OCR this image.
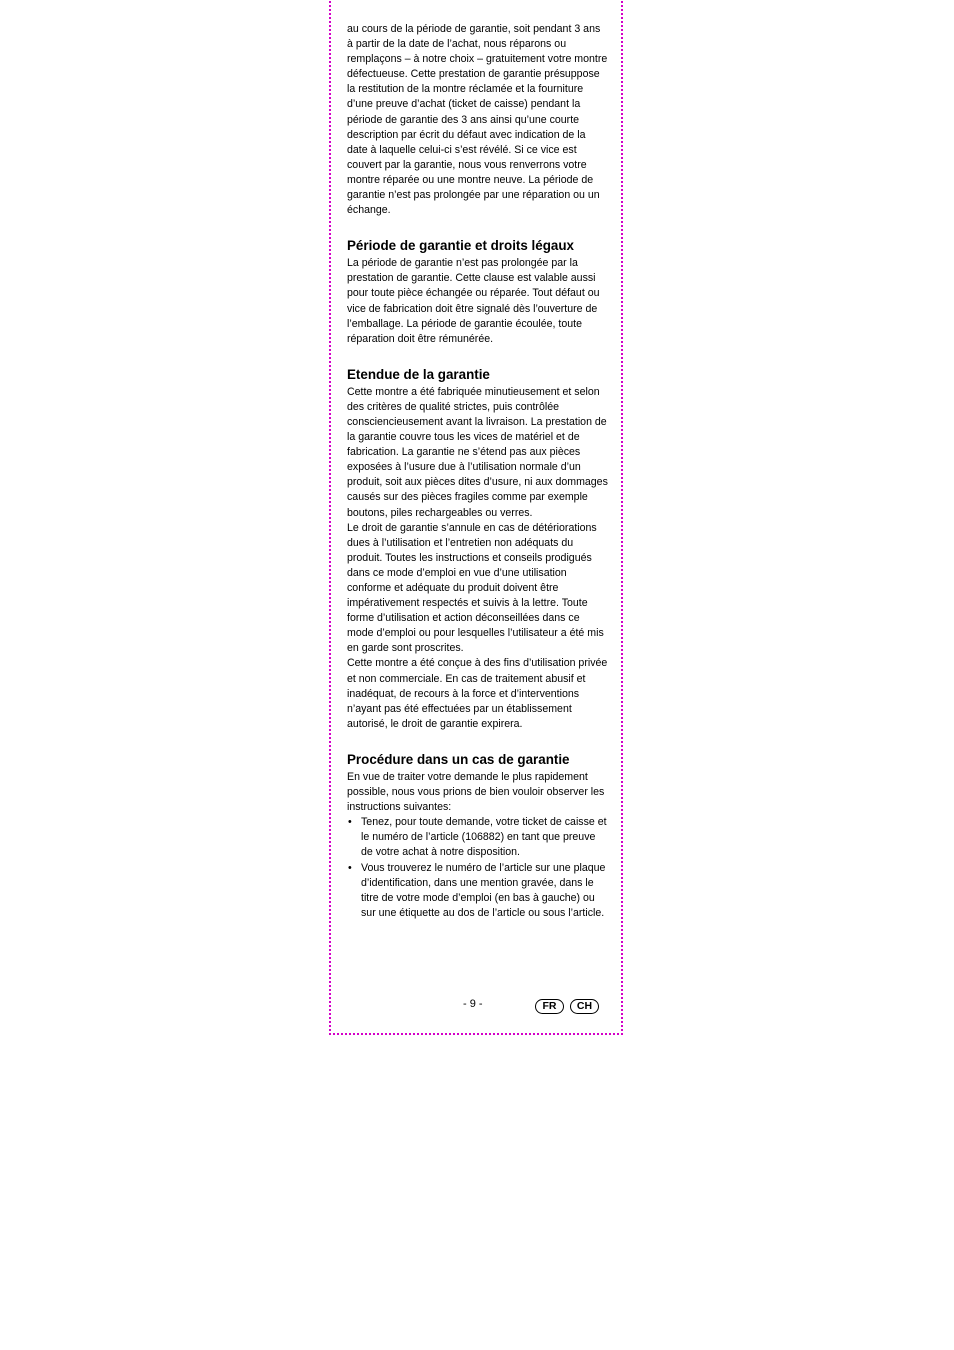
au cours de la période de garantie, soit pendant 3 ans à partir de la date de l’achat, nous réparons ou remplaçons – à notre choix – gratuitement votre montre défectueuse. Cette prestation de garantie présuppose la restitution de la montre réclamée et la fourniture d’une preuve d’achat (ticket de caisse) pendant la période de garantie des 3 ans ainsi qu’une courte description par écrit du défaut avec indication de la date à laquelle celui-ci s’est révélé. Si ce vice est couvert par la garantie, nous vous renverrons votre montre réparée ou une montre neuve. La période de garantie n’est pas prolongée par une réparation ou un échange.

Période de garantie et droits légaux

La période de garantie n’est pas prolongée par la prestation de garantie. Cette clause est valable aussi pour toute pièce échangée ou réparée. Tout défaut ou vice de fabrication doit être signalé dès l’ouverture de l’emballage. La période de garantie écoulée, toute réparation doit être rémunérée.

Etendue de la garantie

Cette montre a été fabriquée minutieusement et selon des critères de qualité strictes, puis contrôlée consciencieusement avant la livraison. La prestation de la garantie couvre tous les vices de matériel et de fabrication. La garantie ne s’étend pas aux pièces exposées à l’usure due à l’utilisation normale d’un produit, soit aux pièces dites d’usure, ni aux dommages causés sur des pièces fragiles comme par exemple boutons, piles rechargeables ou verres.

Le droit de garantie s’annule en cas de détériorations dues à l’utilisation et l’entretien non adéquats du produit. Toutes les instructions et conseils prodigués dans ce mode d’emploi en vue d’une utilisation conforme et adéquate du produit doivent être impérativement respectés et suivis à la lettre. Toute forme d’utilisation et action déconseillées dans ce mode d’emploi ou pour lesquelles l’utilisateur a été mis en garde sont proscrites.

Cette montre a été conçue à des fins d’utilisation privée et non commerciale. En cas de traitement abusif et inadéquat, de recours à la force et d’interventions n’ayant pas été effectuées par un établissement autorisé, le droit de garantie expirera.

Procédure dans un cas de garantie

En vue de traiter votre demande le plus rapidement possible, nous vous prions de bien vouloir observer les instructions suivantes:

• Tenez, pour toute demande, votre ticket de caisse et le numéro de l’article (106882) en tant que preuve de votre achat à notre disposition.
• Vous trouverez le numéro de l’article sur une plaque d’identification, dans une mention gravée, dans le titre de votre mode d’emploi (en bas à gauche) ou sur une étiquette au dos de l’article ou sous l’article.
- 9 -	FR	CH
